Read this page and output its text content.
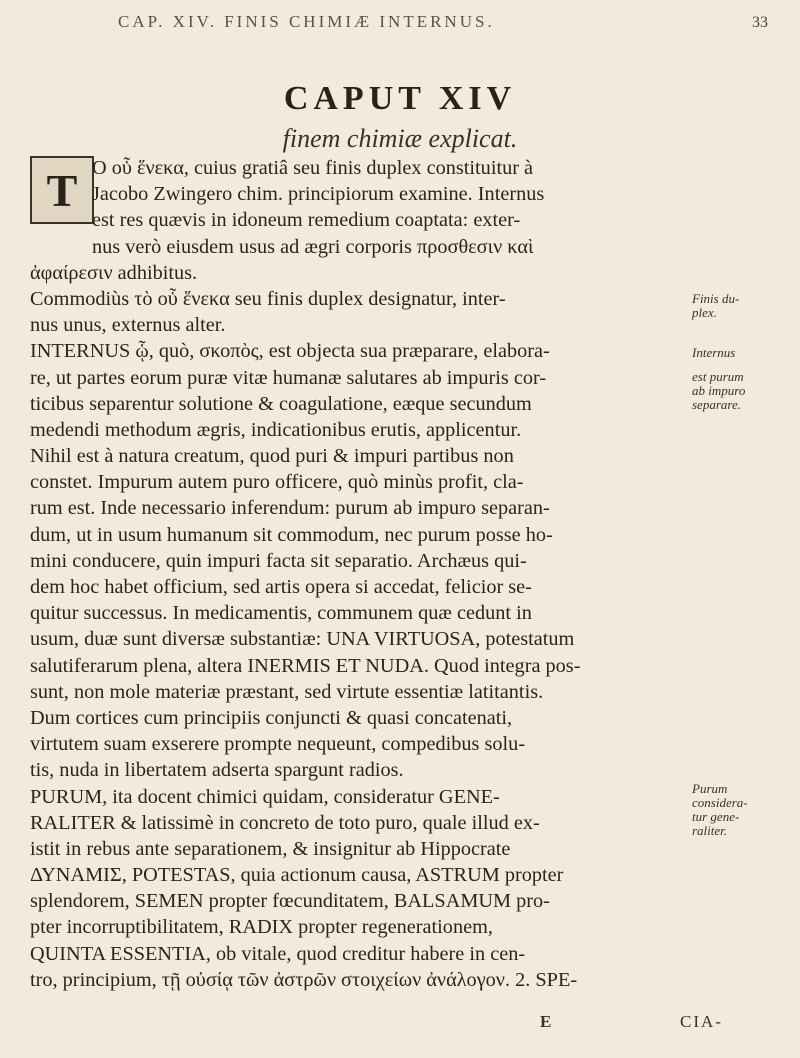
CAP. XIV. FINIS CHIMIÆ INTERNUS.	33
CAPUT XIV
finem chimiæ explicat.
T O οὗ ἕνεκα, cuius gratiâ seu finis duplex constituitur à
Jacobo Zwingero chim. principiorum examine. Internus
est res quævis in idoneum remedium coaptata: exter-
nus verò eiusdem usus ad ægri corporis προσθεσιν καὶ
ἀφαίρεσιν adhibitus.
Commodiùs τὸ οὗ ἕνεκα seu finis duplex designatur, inter-
nus unus, externus alter.
INTERNUS ᾧ, quò, σκοπὸς, est objecta sua præparare, elabora-
re, ut partes eorum puræ vitæ humanæ salutares ab impuris cor-
ticibus separentur solutione & coagulatione, eæque secundum
medendi methodum ægris, indicationibus erutis, applicentur.
Nihil est à natura creatum, quod puri & impuri partibus non
constet. Impurum autem puro officere, quò minùs profit, cla-
rum est. Inde necessario inferendum: purum ab impuro separan-
dum, ut in usum humanum sit commodum, nec purum posse ho-
mini conducere, quin impuri facta sit separatio. Archæus qui-
dem hoc habet officium, sed artis opera si accedat, felicior se-
quitur successus. In medicamentis, communem quæ cedunt in
usum, duæ sunt diversæ substantiæ: UNA VIRTUOSA, potestatum
salutiferarum plena, altera INERMIS ET NUDA. Quod integra pos-
sunt, non mole materiæ præstant, sed virtute essentiæ latitantis.
Dum cortices cum principiis conjuncti & quasi concatenati,
virtutem suam exserere prompte nequeunt, compedibus solu-
tis, nuda in libertatem adserta spargunt radios.
PURUM, ita docent chimici quidam, consideratur GENE-
RALITER & latissimè in concreto de toto puro, quale illud ex-
istit in rebus ante separationem, & insignitur ab Hippocrate
ΔΥΝΑΜΙΣ, POTESTAS, quia actionum causa, ASTRUM propter
splendorem, SEMEN propter fœcunditatem, BALSAMUM pro-
pter incorruptibilitatem, RADIX propter regenerationem,
QUINTA ESSENTIA, ob vitale, quod creditur habere in cen-
tro, principium, τῇ οὐσίᾳ τῶν ἀστρῶν στοιχείων ἀνάλογον. 2. SPE-
Finis du-
plex.
Internus
est purum
ab impuro
separare.
Purum
considera-
tur gene-
raliter.
E	CIA-
